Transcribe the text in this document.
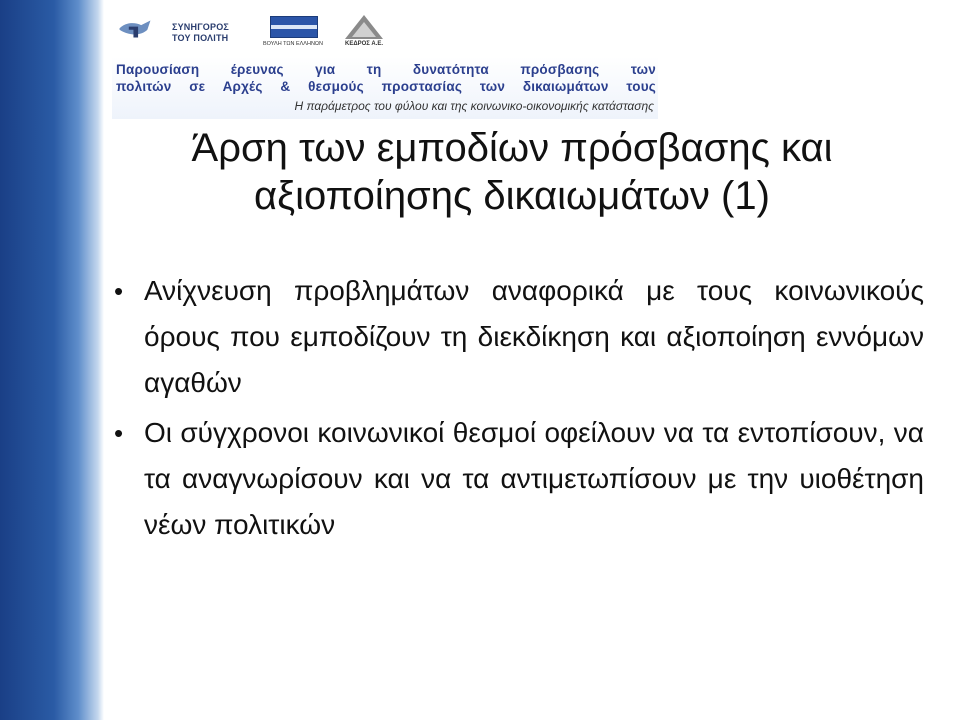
ΣΥΝΗΓΟΡΟΣ
ΤΟΥ ΠΟΛΙΤΗ
ΒΟΥΛΗ ΤΩΝ ΕΛΛΗΝΩΝ	ΚΕΔΡΟΣ Α.Ε.
Παρουσίαση έρευνας για τη δυνατότητα πρόσβασης των
πολιτών σε Αρχές & θεσμούς προστασίας των δικαιωμάτων τους
Η παράμετρος του φύλου και της κοινωνικο-οικονομικής κατάστασης
Άρση των εμποδίων πρόσβασης και
αξιοποίησης δικαιωμάτων (1)
• Ανίχνευση προβλημάτων αναφορικά με τους κοινωνικούς όρους που εμποδίζουν τη διεκδίκηση και αξιοποίηση εννόμων αγαθών
• Οι σύγχρονοι κοινωνικοί θεσμοί οφείλουν να τα εντοπίσουν, να τα αναγνωρίσουν και να τα αντιμετωπίσουν με την υιοθέτηση νέων πολιτικών
